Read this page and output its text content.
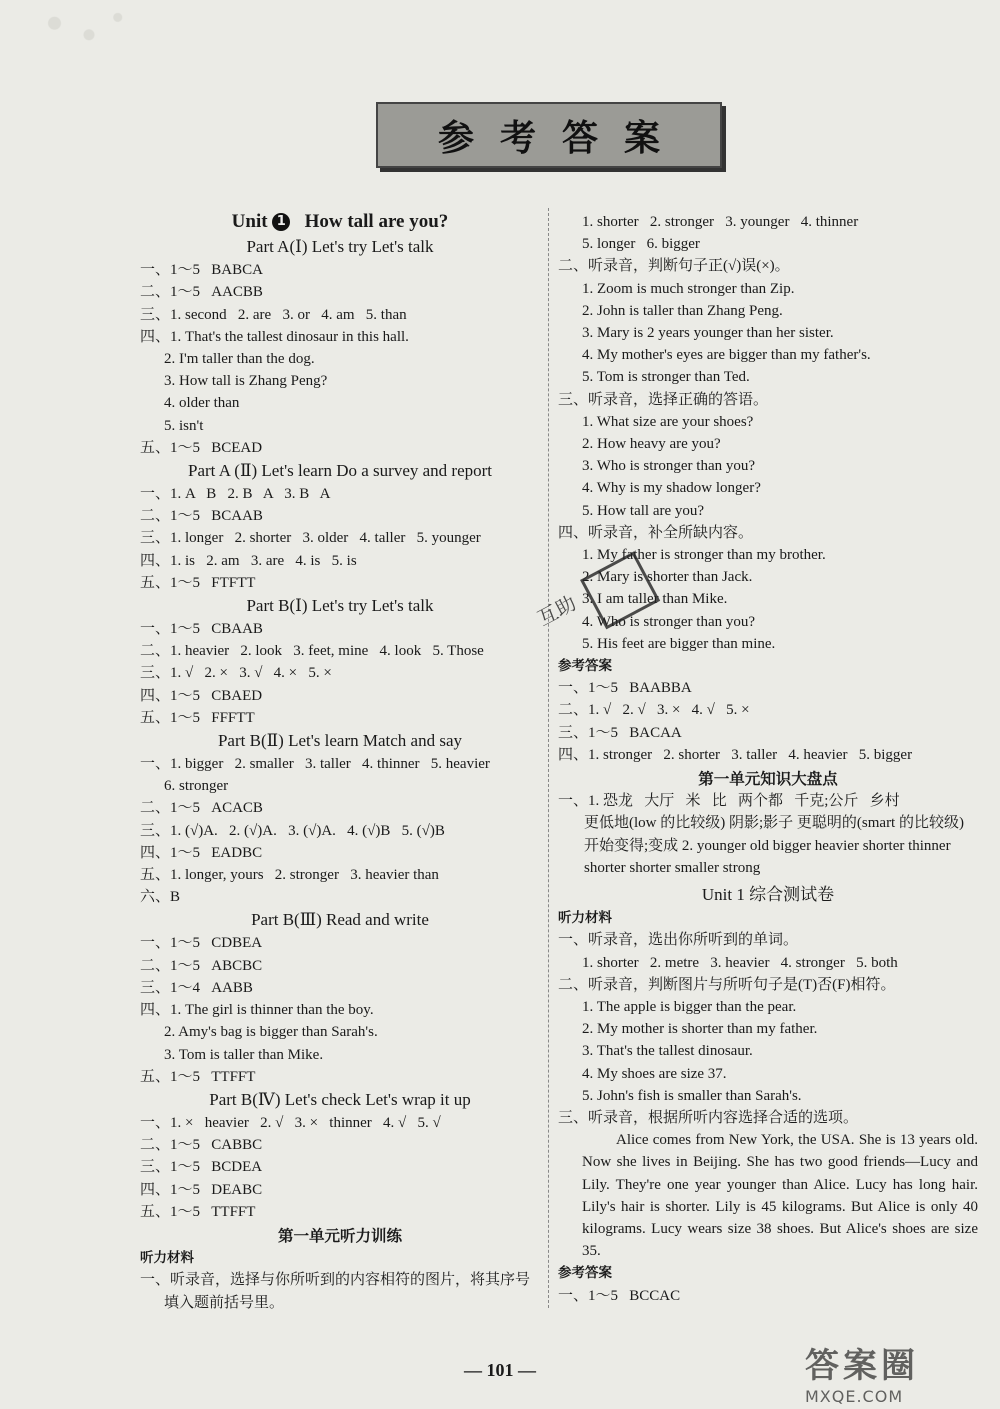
参考答案
Unit 1 How tall are you?
Part A(Ⅰ) Let's try Let's talk
一、1～5   BABCA
二、1～5   AACBB
三、1. second   2. are   3. or   4. am   5. than
四、1. That's the tallest dinosaur in this hall.
2. I'm taller than the dog.
3. How tall is Zhang Peng?
4. older than
5. isn't
五、1～5   BCEAD
Part A (Ⅱ) Let's learn Do a survey and report
一、1. A   B   2. B   A   3. B   A
二、1～5   BCAAB
三、1. longer   2. shorter   3. older   4. taller   5. younger
四、1. is   2. am   3. are   4. is   5. is
五、1～5   FTFTT
Part B(Ⅰ) Let's try Let's talk
一、1～5   CBAAB
二、1. heavier   2. look   3. feet, mine   4. look   5. Those
三、1. √   2. ×   3. √   4. ×   5. ×
四、1～5   CBAED
五、1～5   FFFTT
Part B(Ⅱ) Let's learn Match and say
一、1. bigger   2. smaller   3. taller   4. thinner   5. heavier
6. stronger
二、1～5   ACACB
三、1. (√)A.   2. (√)A.   3. (√)A.   4. (√)B   5. (√)B
四、1～5   EADBC
五、1. longer, yours   2. stronger   3. heavier than
六、B
Part B(Ⅲ) Read and write
一、1～5   CDBEA
二、1～5   ABCBC
三、1～4   AABB
四、1. The girl is thinner than the boy.
2. Amy's bag is bigger than Sarah's.
3. Tom is taller than Mike.
五、1～5   TTFFT
Part B(Ⅳ) Let's check Let's wrap it up
一、1. ×   heavier   2. √   3. ×   thinner   4. √   5. √
二、1～5   CABBC
三、1～5   BCDEA
四、1～5   DEABC
五、1～5   TTFFT
第一单元听力训练
听力材料
一、听录音，选择与你所听到的内容相符的图片，将其序号
填入题前括号里。
1. shorter   2. stronger   3. younger   4. thinner
5. longer   6. bigger
二、听录音，判断句子正(√)误(×)。
1. Zoom is much stronger than Zip.
2. John is taller than Zhang Peng.
3. Mary is 2 years younger than her sister.
4. My mother's eyes are bigger than my father's.
5. Tom is stronger than Ted.
三、听录音，选择正确的答语。
1. What size are your shoes?
2. How heavy are you?
3. Who is stronger than you?
4. Why is my shadow longer?
5. How tall are you?
四、听录音，补全所缺内容。
1. My father is stronger than my brother.
2. Mary is shorter than Jack.
3. I am taller than Mike.
4. Who is stronger than you?
5. His feet are bigger than mine.
参考答案
一、1～5   BAABBA
二、1. √   2. √   3. ×   4. √   5. ×
三、1～5   BACAA
四、1. stronger   2. shorter   3. taller   4. heavier   5. bigger
第一单元知识大盘点
一、1. 恐龙   大厅   米   比   两个都   千克;公斤   乡村
更低地(low 的比较级) 阴影;影子 更聪明的(smart 的比较级) 开始变得;变成 2. younger old bigger heavier shorter thinner shorter shorter smaller strong
Unit 1 综合测试卷
听力材料
一、听录音，选出你所听到的单词。
1. shorter   2. metre   3. heavier   4. stronger   5. both
二、听录音，判断图片与所听句子是(T)否(F)相符。
1. The apple is bigger than the pear.
2. My mother is shorter than my father.
3. That's the tallest dinosaur.
4. My shoes are size 37.
5. John's fish is smaller than Sarah's.
三、听录音，根据所听内容选择合适的选项。
Alice comes from New York, the USA. She is 13 years old. Now she lives in Beijing. She has two good friends—Lucy and Lily. They're one year younger than Alice. Lucy has long hair. Lily's hair is shorter. Lily is 45 kilograms. But Alice is only 40 kilograms. Lucy wears size 38 shoes. But Alice's shoes are size 35.
参考答案
一、1～5   BCCAC
互助
— 101 —	答案圈
MXQE.COM
